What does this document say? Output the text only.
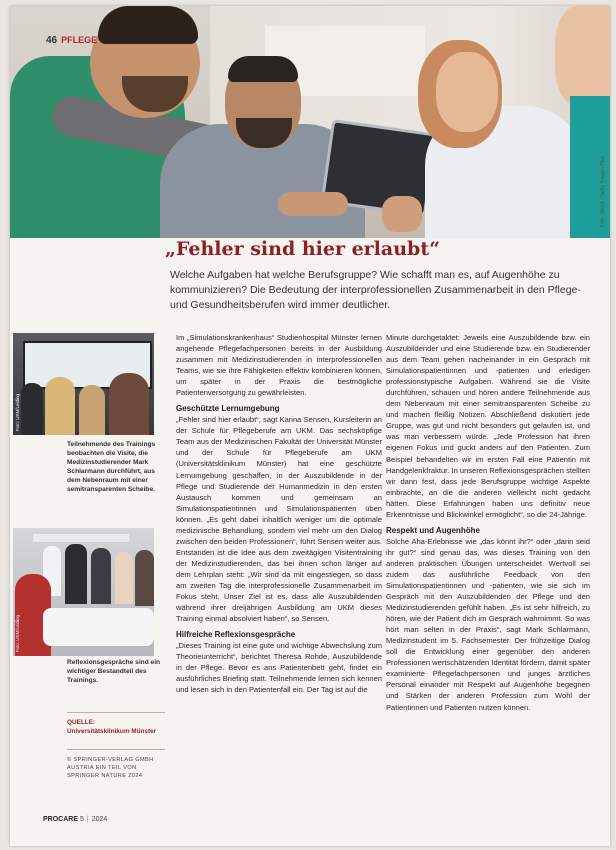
46 PFLEGE
Foto: iStock / Getty Images Plus
„Fehler sind hier erlaubt“
Welche Aufgaben hat welche Berufsgruppe? Wie schafft man es, auf Augenhöhe zu kommunizieren? Die Bedeutung der interprofessionellen Zusammenarbeit in den Pflege- und Gesundheitsberufen wird immer deutlicher.
Foto: UKM/Leiding
Teilnehmende des Trainings beobachten die Visite, die Medizinstudierender Mark Schlarmann durchführt, aus dem Nebenraum mit einer semitransparenten Scheibe.
Foto: UKM/Leiding
Reflexionsgespräche sind ein wichtiger Bestandteil des Trainings.
QUELLE:
Universitätsklinikum Münster
© SPRINGER-VERLAG GMBH AUSTRIA EIN TEIL VON SPRINGER NATURE 2024

Im „Simulationskrankenhaus“ Studienhospital Münster lernen angehende Pflegefachpersonen bereits in der Ausbildung zusammen mit Medizinstudierenden in interprofessionellen Teams, wie sie ihre Fähigkeiten effektiv kombinieren können, um später in der Praxis die bestmögliche Patientenversorgung zu gewährleisten.

Geschützte Lernumgebung

„Fehler sind hier erlaubt“, sagt Karina Sensen, Kursleiterin an der Schule für Pflegeberufe am UKM. Das sechsköpfige Team aus der Medizinischen Fakultät der Universität Münster und der Schule für Pflegeberufe am UKM (Universitätsklinikum Münster) hat eine geschützte Lernumgebung geschaffen, in der Auszubildende in der Pflege und Studierende der Humanmedizin in den ersten Austausch kommen und gemeinsam an Simulationspatientinnen und Simulationspatienten üben können. „Es geht dabei inhaltlich weniger um die optimale medizinische Behandlung, sondern viel mehr um den Dialog zwischen den beiden Professionen“, führt Sensen weiter aus. Entstanden ist die Idee aus dem zweitägigen Visitentraining der Medizinstudierenden, das bei ihnen schon länger auf dem Lehrplan steht: „Wir sind da mit eingestiegen, so dass am zweiten Tag die interprofessionelle Zusammenarbeit im Fokus steht. Unser Ziel ist es, dass alle Auszubildenden während ihrer dreijährigen Ausbildung am UKM dieses Training einmal absolviert haben“, so Sensen.

Hilfreiche Reflexionsgespräche

„Dieses Training ist eine gute und wichtige Abwechslung zum Theorieunterricht“, berichtet Theresa Rohde, Auszubildende in der Pflege. Bevor es ans Patientenbett geht, findet ein ausführliches Briefing statt. Teilnehmende lernen sich kennen und lesen sich in den Patientenfall ein. Der Tag ist auf die

Minute durchgetaktet: Jeweils eine Auszubildende bzw. ein Auszubildender und eine Studierende bzw. ein Studierender aus dem Team gehen nacheinander in ein Gespräch mit Simulationspatientinnen und -patienten und erledigen professionstypische Aufgaben. Während sie die Visite durchführen, schauen und hören andere Teilnehmende aus dem Nebenraum mit einer semitransparenten Scheibe zu und machen fleißig Notizen. Abschließend diskutiert jede Gruppe, was gut und nicht besonders gut gelaufen ist, und was man verbessern würde. „Jede Profession hat ihren eigenen Fokus und guckt anders auf den Patienten. Zum Beispiel behandelten wir im ersten Fall eine Patientin mit Handgelenkfraktur. In unseren Reflexionsgesprächen stellten wir dann fest, dass jede Berufsgruppe wichtige Aspekte einbrachte, an die die anderen vielleicht nicht gedacht hätten. Diese Erfahrungen haben uns definitiv neue Erkenntnisse und Blickwinkel ermöglicht“, so die 24-Jährige.

Respekt und Augenhöhe

Solche Aha-Erlebnisse wie „das könnt ihr?“ oder „darin seid ihr gut?“ sind genau das, was dieses Training von den anderen praktischen Übungen unterscheidet. Wertvoll sei zudem das ausführliche Feedback von den Simulationspatientinnen und -patienten, wie sie sich im Gespräch mit den Auszubildenden der Pflege und den Medizinstudierenden gefühlt haben. „Es ist sehr hilfreich, zu hören, wie der Patient dich im Gespräch wahrnimmt. So was hört man selten in der Praxis“, sagt Mark Schlarmann, Medizinstudent im 5. Fachsemester. Der frühzeitige Dialog soll die Entwicklung einer gegenüber den anderen Professionen wertschätzenden Identität fördern, damit später examinierte Pflegefachpersonen und junges ärztliches Personal einander mit Respekt auf Augenhöhe begegnen und Stärken der anderen Profession zum Wohl der Patientinnen und Patienten nutzen können.

PROCARE 5 | 2024
